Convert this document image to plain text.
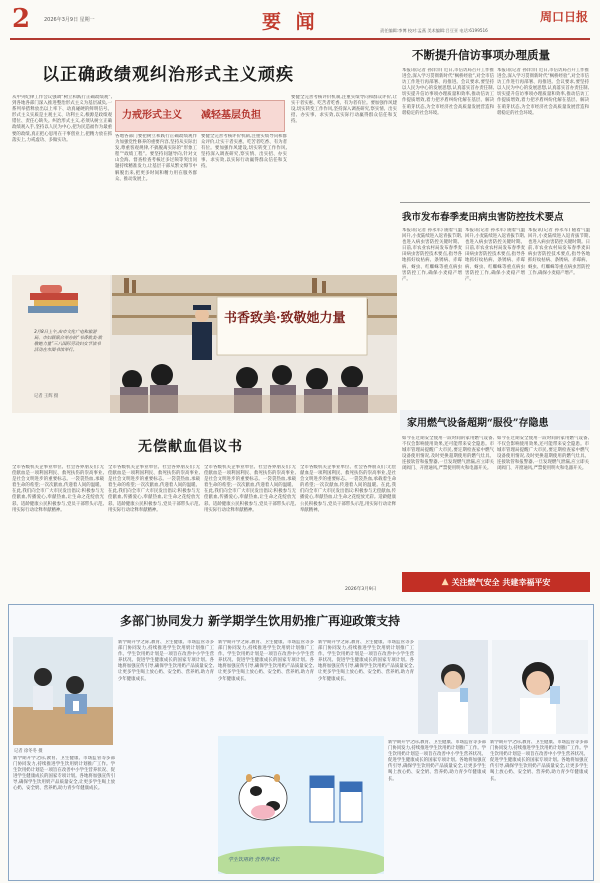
2	2026年3月9日 星期一	要 闻	责任编辑:李博 校对:孟燕 美术编辑:吕豆亚 电话:6199516
周口日报
以正确政绩观纠治形式主义顽疾
从中央纪律工作会议强调“树立和践行正确政绩观”,到各地各部门深入推进整治形式主义为基层减负,一系列举措释放出以上率下、动真碰硬的鲜明信号。形式主义实质是主观主义、功利主义,根源是政绩观错位、责任心缺失。纠治形式主义,必须从树立正确政绩观入手,坚持以人民为中心,把为民造福作为最重要的政绩,真正把心思用在干事创业上,把精力放在抓落实上,力戒虚功、多做实功。
力戒形式主义 减轻基层负担
各地各部门要把树立和践行正确政绩观作为加强党性修养的重要内容,坚持从实际出发,尊重客观规律,不搞脱离实际的“形象工程”“政绩工程”。要坚持问题导向,针对文山会海、督查检查考核过多过频等突出问题持续精准发力,让基层干部从繁文缛节中解脱出来,把更多时间和精力用在服务群众、推动发展上。
要健全完善考核评价机制,注重实绩导向和群众评价,让实干者实惠、吃苦者吃香、有为者有位。要加强作风建设,切实转变工作作风,坚持深入调查研究,察实情、出实招、办实事、求实效,以实际行动赢得群众信任和支持。
要健全完善考核评价机制,注重实绩导向和群众评价,让实干者实惠、吃苦者吃香、有为者有位。要加强作风建设,切实转变工作作风,坚持深入调查研究,察实情、出实招、办实事、求实效,以实际行动赢得群众信任和支持。
不断提升信访事项办理质量
本报讯(记者 孙洋洋) 近日,市信访局召开工作推进会,深入学习贯彻新时代“枫桥经验”,对全市信访工作进行再部署、再推进。会议要求,要坚持以人民为中心的发展思想,认真落实首办责任制,切实提升信访事项办理质量和效率,推动信访工作提质增效,着力把矛盾纠纷化解在基层、解决在萌芽状态,为全市经济社会高质量发展营造和谐稳定的社会环境。
本报讯(记者 孙洋洋) 近日,市信访局召开工作推进会,深入学习贯彻新时代“枫桥经验”,对全市信访工作进行再部署、再推进。会议要求,要坚持以人民为中心的发展思想,认真落实首办责任制,切实提升信访事项办理质量和效率,推动信访工作提质增效,着力把矛盾纠纷化解在基层、解决在萌芽状态,为全市经济社会高质量发展营造和谐稳定的社会环境。
我市发布春季麦田病虫害防控技术要点
本报讯(记者 孙永军) 随着气温回升,小麦陆续进入返青拔节期,也进入病虫害防控关键时期。日前,市农业农村局发布春季麦田病虫害防控技术要点,指导各地抓好纹枯病、条锈病、赤霉病、蚜虫、红蜘蛛等重点病虫害防控工作,确保小麦稳产增产。
本报讯(记者 孙永军) 随着气温回升,小麦陆续进入返青拔节期,也进入病虫害防控关键时期。日前,市农业农村局发布春季麦田病虫害防控技术要点,指导各地抓好纹枯病、条锈病、赤霉病、蚜虫、红蜘蛛等重点病虫害防控工作,确保小麦稳产增产。
本报讯(记者 孙永军) 随着气温回升,小麦陆续进入返青拔节期,也进入病虫害防控关键时期。日前,市农业农村局发布春季麦田病虫害防控技术要点,指导各地抓好纹枯病、条锈病、赤霉病、蚜虫、红蜘蛛等重点病虫害防控工作,确保小麦稳产增产。
书香致美·致敬她力量
3月8日上午,由市文化广电和旅游局、市妇联联合举办的“书香致美·致敬她力量”三八国际劳动妇女节读书活动在市图书馆举行。
记者 王辉 摄
无偿献血倡议书
全市各级机关企事业单位、社会各界朋友们:无偿献血是一项利国利民、救死扶伤的崇高事业,是社会文明进步的重要标志。一袋袋热血,承载着生命的希望;一次次献血,传递着人间的温暖。在此,我们向全市广大市民发出倡议:积极参与无偿献血,传播爱心,奉献热血,让生命之花绽放光彩。适龄健康公民积极参与,党员干部带头示范,用实际行动诠释奉献精神。
全市各级机关企事业单位、社会各界朋友们:无偿献血是一项利国利民、救死扶伤的崇高事业,是社会文明进步的重要标志。一袋袋热血,承载着生命的希望;一次次献血,传递着人间的温暖。在此,我们向全市广大市民发出倡议:积极参与无偿献血,传播爱心,奉献热血,让生命之花绽放光彩。适龄健康公民积极参与,党员干部带头示范,用实际行动诠释奉献精神。
全市各级机关企事业单位、社会各界朋友们:无偿献血是一项利国利民、救死扶伤的崇高事业,是社会文明进步的重要标志。一袋袋热血,承载着生命的希望;一次次献血,传递着人间的温暖。在此,我们向全市广大市民发出倡议:积极参与无偿献血,传播爱心,奉献热血,让生命之花绽放光彩。适龄健康公民积极参与,党员干部带头示范,用实际行动诠释奉献精神。
全市各级机关企事业单位、社会各界朋友们:无偿献血是一项利国利民、救死扶伤的崇高事业,是社会文明进步的重要标志。一袋袋热血,承载着生命的希望;一次次献血,传递着人间的温暖。在此,我们向全市广大市民发出倡议:积极参与无偿献血,传播爱心,奉献热血,让生命之花绽放光彩。适龄健康公民积极参与,党员干部带头示范,用实际行动诠释奉献精神。
2026年3月9日
家用燃气设备超期“服役”存隐患
如今在过期安全使用一段时间的家用燃气设备,不仅会影响使用效果,还可能带来安全隐患。市城市管理局提醒广大市民,要定期检查家中燃气设备使用情况,及时更换超期使用的燃气灶具、连接软管和报警器,一旦发现燃气泄漏,应立即关闭阀门、开窗通风,严禁使用明火和电器开关。
如今在过期安全使用一段时间的家用燃气设备,不仅会影响使用效果,还可能带来安全隐患。市城市管理局提醒广大市民,要定期检查家中燃气设备使用情况,及时更换超期使用的燃气灶具、连接软管和报警器,一旦发现燃气泄漏,应立即关闭阀门、开窗通风,严禁使用明火和电器开关。
▲ 关注燃气安全 共建幸福平安
多部门协同发力 新学期学生饮用奶推广再迎政策支持
记者 徐冬冬 摄
新学期开学之际,教育、卫生健康、市场监管等多部门协同发力,持续推进学生饮用奶计划推广工作。学生饮用奶计划是一项旨在改善中小学生营养状况、促进学生健康成长的国家专项计划。各地将加强宣传引导,确保学生饮用奶产品质量安全,让更多学生喝上放心奶、安全奶、营养奶,助力青少年健康成长。
新学期开学之际,教育、卫生健康、市场监管等多部门协同发力,持续推进学生饮用奶计划推广工作。学生饮用奶计划是一项旨在改善中小学生营养状况、促进学生健康成长的国家专项计划。各地将加强宣传引导,确保学生饮用奶产品质量安全,让更多学生喝上放心奶、安全奶、营养奶,助力青少年健康成长。
新学期开学之际,教育、卫生健康、市场监管等多部门协同发力,持续推进学生饮用奶计划推广工作。学生饮用奶计划是一项旨在改善中小学生营养状况、促进学生健康成长的国家专项计划。各地将加强宣传引导,确保学生饮用奶产品质量安全,让更多学生喝上放心奶、安全奶、营养奶,助力青少年健康成长。
学生饮用奶 营养伴成长
新学期开学之际,教育、卫生健康、市场监管等多部门协同发力,持续推进学生饮用奶计划推广工作。学生饮用奶计划是一项旨在改善中小学生营养状况、促进学生健康成长的国家专项计划。各地将加强宣传引导,确保学生饮用奶产品质量安全,让更多学生喝上放心奶、安全奶、营养奶,助力青少年健康成长。
新学期开学之际,教育、卫生健康、市场监管等多部门协同发力,持续推进学生饮用奶计划推广工作。学生饮用奶计划是一项旨在改善中小学生营养状况、促进学生健康成长的国家专项计划。各地将加强宣传引导,确保学生饮用奶产品质量安全,让更多学生喝上放心奶、安全奶、营养奶,助力青少年健康成长。
新学期开学之际,教育、卫生健康、市场监管等多部门协同发力,持续推进学生饮用奶计划推广工作。学生饮用奶计划是一项旨在改善中小学生营养状况、促进学生健康成长的国家专项计划。各地将加强宣传引导,确保学生饮用奶产品质量安全,让更多学生喝上放心奶、安全奶、营养奶,助力青少年健康成长。
